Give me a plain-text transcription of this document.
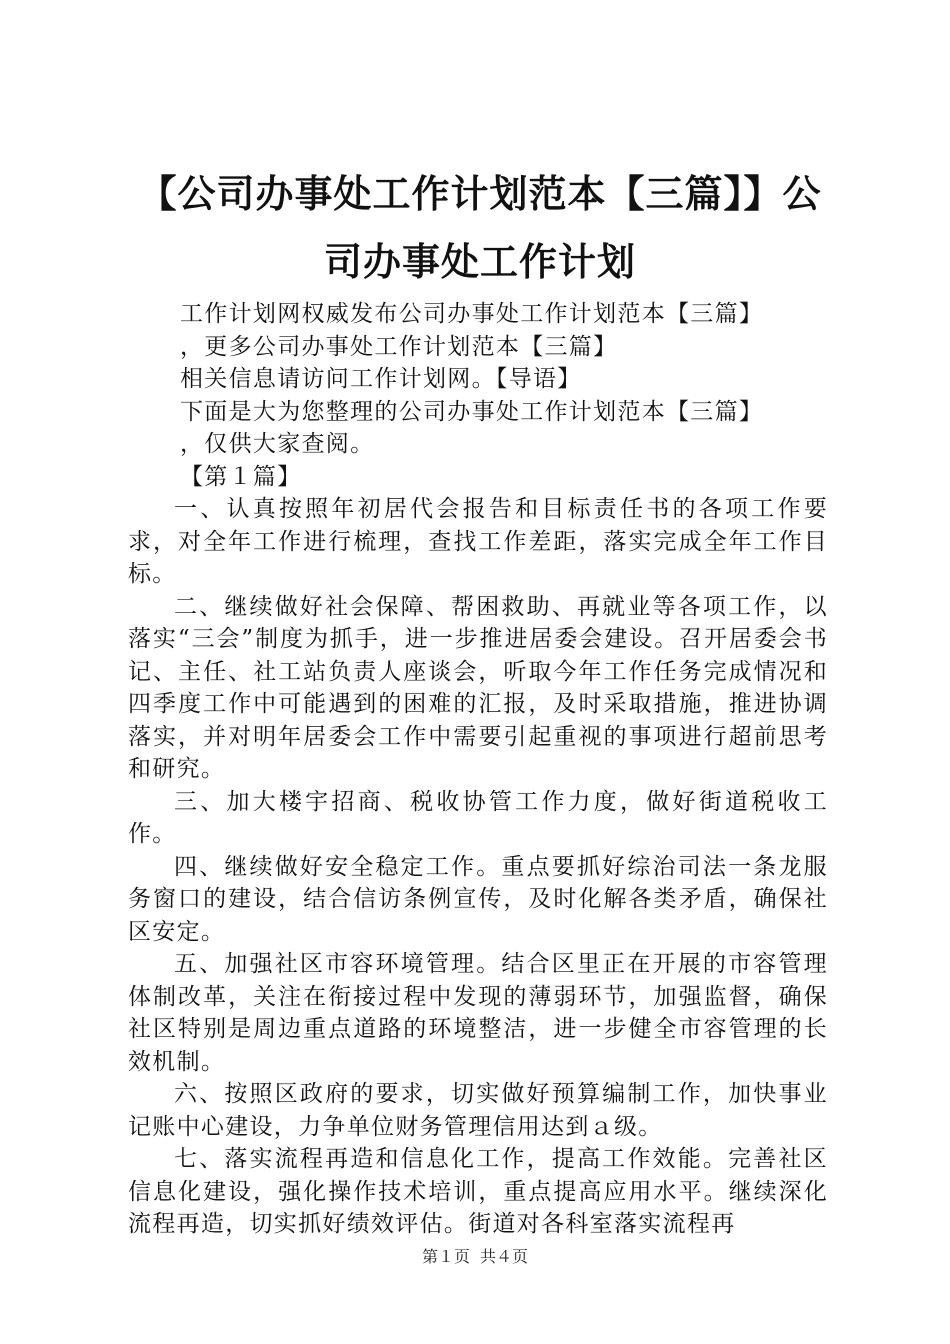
【公司办事处工作计划范本【三篇】】公司办事处工作计划

工作计划网权威发布公司办事处工作计划范本【三篇】

，更多公司办事处工作计划范本【三篇】

相关信息请访问工作计划网。【导语】

下面是大为您整理的公司办事处工作计划范本【三篇】

，仅供大家查阅。

【第１篇】

一、认真按照年初居代会报告和目标责任书的各项工作要求，对全年工作进行梳理，查找工作差距，落实完成全年工作目标。

二、继续做好社会保障、帮困救助、再就业等各项工作，以落实“三会”制度为抓手，进一步推进居委会建设。召开居委会书记、主任、社工站负责人座谈会，听取今年工作任务完成情况和四季度工作中可能遇到的困难的汇报，及时采取措施，推进协调落实，并对明年居委会工作中需要引起重视的事项进行超前思考和研究。

三、加大楼宇招商、税收协管工作力度，做好街道税收工作。

四、继续做好安全稳定工作。重点要抓好综治司法一条龙服务窗口的建设，结合信访条例宣传，及时化解各类矛盾，确保社区安定。

五、加强社区市容环境管理。结合区里正在开展的市容管理体制改革，关注在衔接过程中发现的薄弱环节，加强监督，确保社区特别是周边重点道路的环境整洁，进一步健全市容管理的长效机制。

六、按照区政府的要求，切实做好预算编制工作，加快事业记账中心建设，力争单位财务管理信用达到ａ级。

七、落实流程再造和信息化工作，提高工作效能。完善社区信息化建设，强化操作技术培训，重点提高应用水平。继续深化流程再造，切实抓好绩效评估。街道对各科室落实流程再

第１页 共４页
